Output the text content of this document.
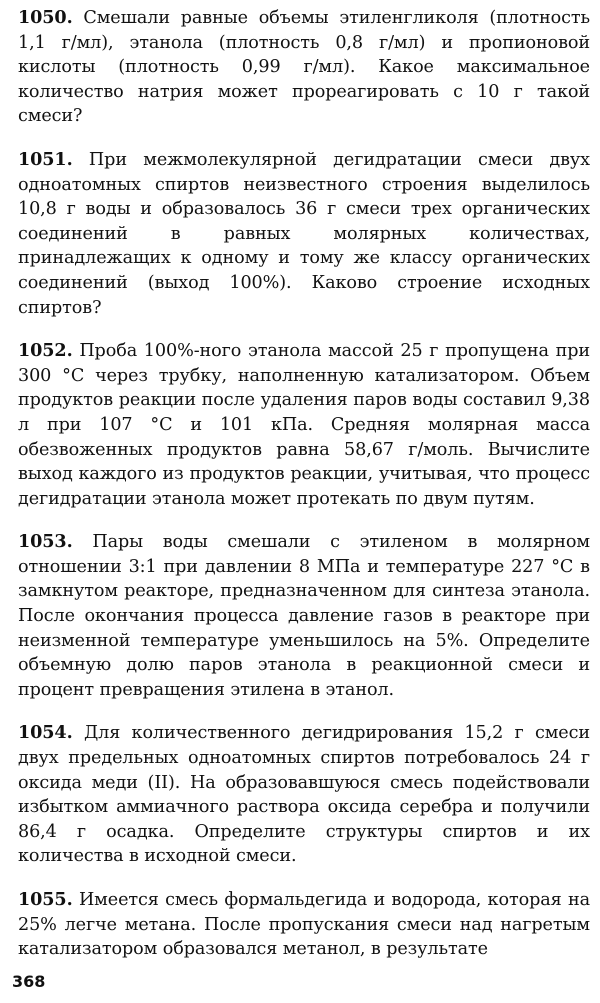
1050. Смешали равные объемы этиленгликоля (плотность 1,1 г/мл), этанола (плотность 0,8 г/мл) и пропионовой кислоты (плотность 0,99 г/мл). Какое максимальное количество натрия может прореагировать с 10 г такой смеси?

1051. При межмолекулярной дегидратации смеси двух одноатомных спиртов неизвестного строения выделилось 10,8 г воды и образовалось 36 г смеси трех органических соединений в равных молярных количествах, принадлежащих к одному и тому же классу органических соединений (выход 100%). Каково строение исходных спиртов?

1052. Проба 100%-ного этанола массой 25 г пропущена при 300 °С через трубку, наполненную катализатором. Объем продуктов реакции после удаления паров воды составил 9,38 л при 107 °С и 101 кПа. Средняя молярная масса обезвоженных продуктов равна 58,67 г/моль. Вычислите выход каждого из продуктов реакции, учитывая, что процесс дегидратации этанола может протекать по двум путям.

1053. Пары воды смешали с этиленом в молярном отношении 3:1 при давлении 8 МПа и температуре 227 °С в замкнутом реакторе, предназначенном для синтеза этанола. После окончания процесса давление газов в реакторе при неизменной температуре уменьшилось на 5%. Определите объемную долю паров этанола в реакционной смеси и процент превращения этилена в этанол.

1054. Для количественного дегидрирования 15,2 г смеси двух предельных одноатомных спиртов потребовалось 24 г оксида меди (II). На образовавшуюся смесь подействовали избытком аммиачного раствора оксида серебра и получили 86,4 г осадка. Определите структуры спиртов и их количества в исходной смеси.

1055. Имеется смесь формальдегида и водорода, которая на 25% легче метана. После пропускания смеси над нагретым катализатором образовался метанол, в результате

368
